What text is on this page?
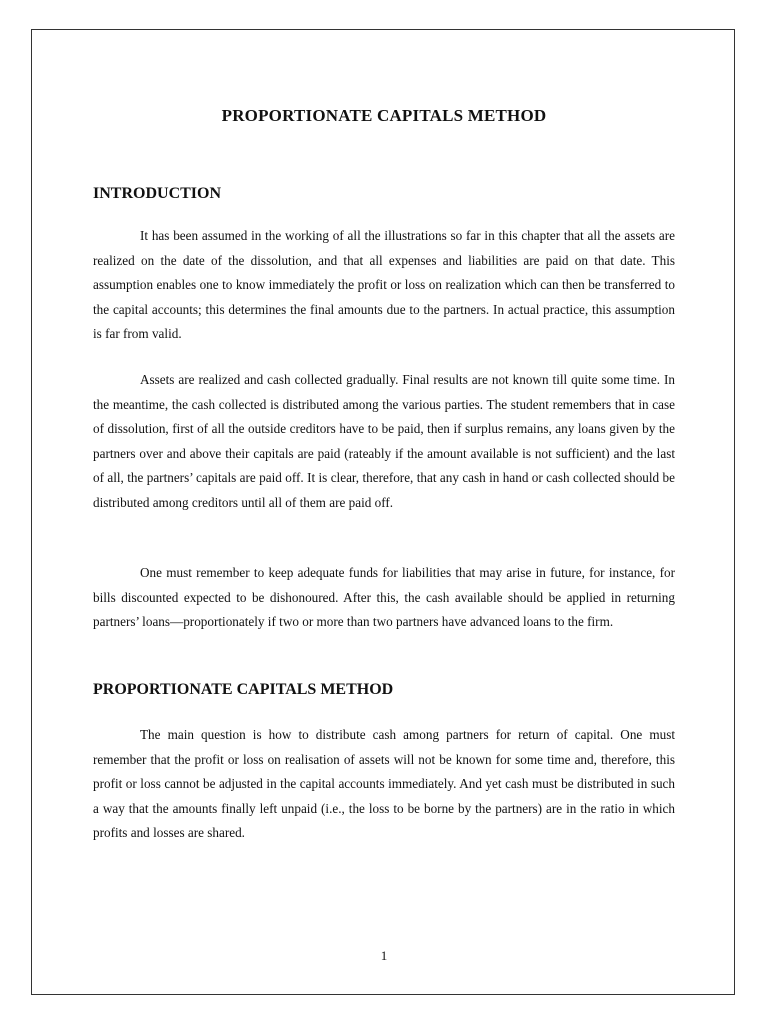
PROPORTIONATE CAPITALS METHOD
INTRODUCTION

It has been assumed in the working of all the illustrations so far in this chapter that all the assets are realized on the date of the dissolution, and that all expenses and liabilities are paid on that date. This assumption enables one to know immediately the profit or loss on realization which can then be transferred to the capital accounts; this determines the final amounts due to the partners. In actual practice, this assumption is far from valid.

Assets are realized and cash collected gradually. Final results are not known till quite some time. In the meantime, the cash collected is distributed among the various parties. The student remembers that in case of dissolution, first of all the outside creditors have to be paid, then if surplus remains, any loans given by the partners over and above their capitals are paid (rateably if the amount available is not sufficient) and the last of all, the partners’ capitals are paid off. It is clear, therefore, that any cash in hand or cash collected should be distributed among creditors until all of them are paid off.

One must remember to keep adequate funds for liabilities that may arise in future, for instance, for bills discounted expected to be dishonoured. After this, the cash available should be applied in returning partners’ loans—proportionately if two or more than two partners have advanced loans to the firm.

PROPORTIONATE CAPITALS METHOD

The main question is how to distribute cash among partners for return of capital. One must remember that the profit or loss on realisation of assets will not be known for some time and, therefore, this profit or loss cannot be adjusted in the capital accounts immediately. And yet cash must be distributed in such a way that the amounts finally left unpaid (i.e., the loss to be borne by the partners) are in the ratio in which profits and losses are shared.

1
